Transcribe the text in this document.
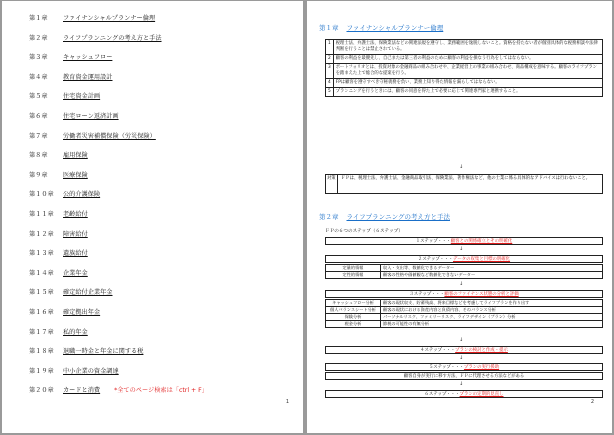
第１章 ファイナンシャルプランナー倫理
第２章 ライフプランニングの考え方と手法
第３章 キャッシュフロー
第４章 教育資金運用設計
第５章 住宅資金計画
第６章 住宅ローン返済計画
第７章 労働者災害補償保険（労災保険）
第８章 雇用保険
第９章 医療保険
第１０章 公的介護保険
第１１章 老齢給付
第１２章 障害給付
第１３章 遺族給付
第１４章 企業年金
第１５章 確定給付企業年金
第１６章 確定拠出年金
第１７章 私的年金
第１８章 退職一時金と年金に関する税
第１９章 中小企業の資金調達
第２０章 カードと消費 *全てのページ検索は「ctrl + F」
1
第１章 ファイナンシャルプランナー倫理
1	税理士法、弁護士法、保険業法などの関連法規を遵守し、業務範囲を逸脱しないこと。資格を持たない者が個別具体的な税務相談や法律判断を行うことは禁止されている。
2	顧客の利益を最優先し、自己または第三者の利益のために顧客の利益を損なう行為をしてはならない。
3	ポートフォリオとは、投資対象の金融商品の組み合わせや、企業経営上の事業の組み合わせ、商品構成を意味する。顧客のライフプランを踏まえた上で総合的な提案を行う。
4	FPは顧客を遵守すべき守秘義務を負い、業務上知り得た情報を漏らしてはならない。
5	プランニングを行うときには、顧客の同意を得た上で必要に応じて関連専門家と連携すること。
↓
対策	ＦＰは、税理士法、弁護士法、金融商品取引法、保険業法、著作権法など、他の士業に係る具体的なアドバイスは行わないこと。
第２章 ライフプランニングの考え方と手法
ＦＰの６つのステップ（６ステップ）
１ステップ・・・顧客との関係確立とその明確化
↓
２ステップ・・・データの収集と目標の明確化
定量的情報	収入・支出等、数値化できるデーター
定性的情報	顧客の性格や価値観など数値化できないデーター
↓
３ステップ・・・顧客のファイナンス状態の分析と評価
キャッシュフロー分析	顧客の現状収支、貯蓄残高、将来目標などを考慮してライフプランを作り出す
個人バランスシート分析	顧客の現状における資産内容と負債内容、そのバランス分析
保険分析	パーソナルリスク、ファミリーリスク、ライフデザイン（プラン）分析
税金分析	節税の可能性の有無分析
↓
４ステップ・・・プランの検討と作成・提示
↓
５ステップ・・・プランの実行援助
顧客自身が実行に移す方法、ＦＰに代理させる方法などがある
↓
６ステップ・・・プランの定期的見直し
2
